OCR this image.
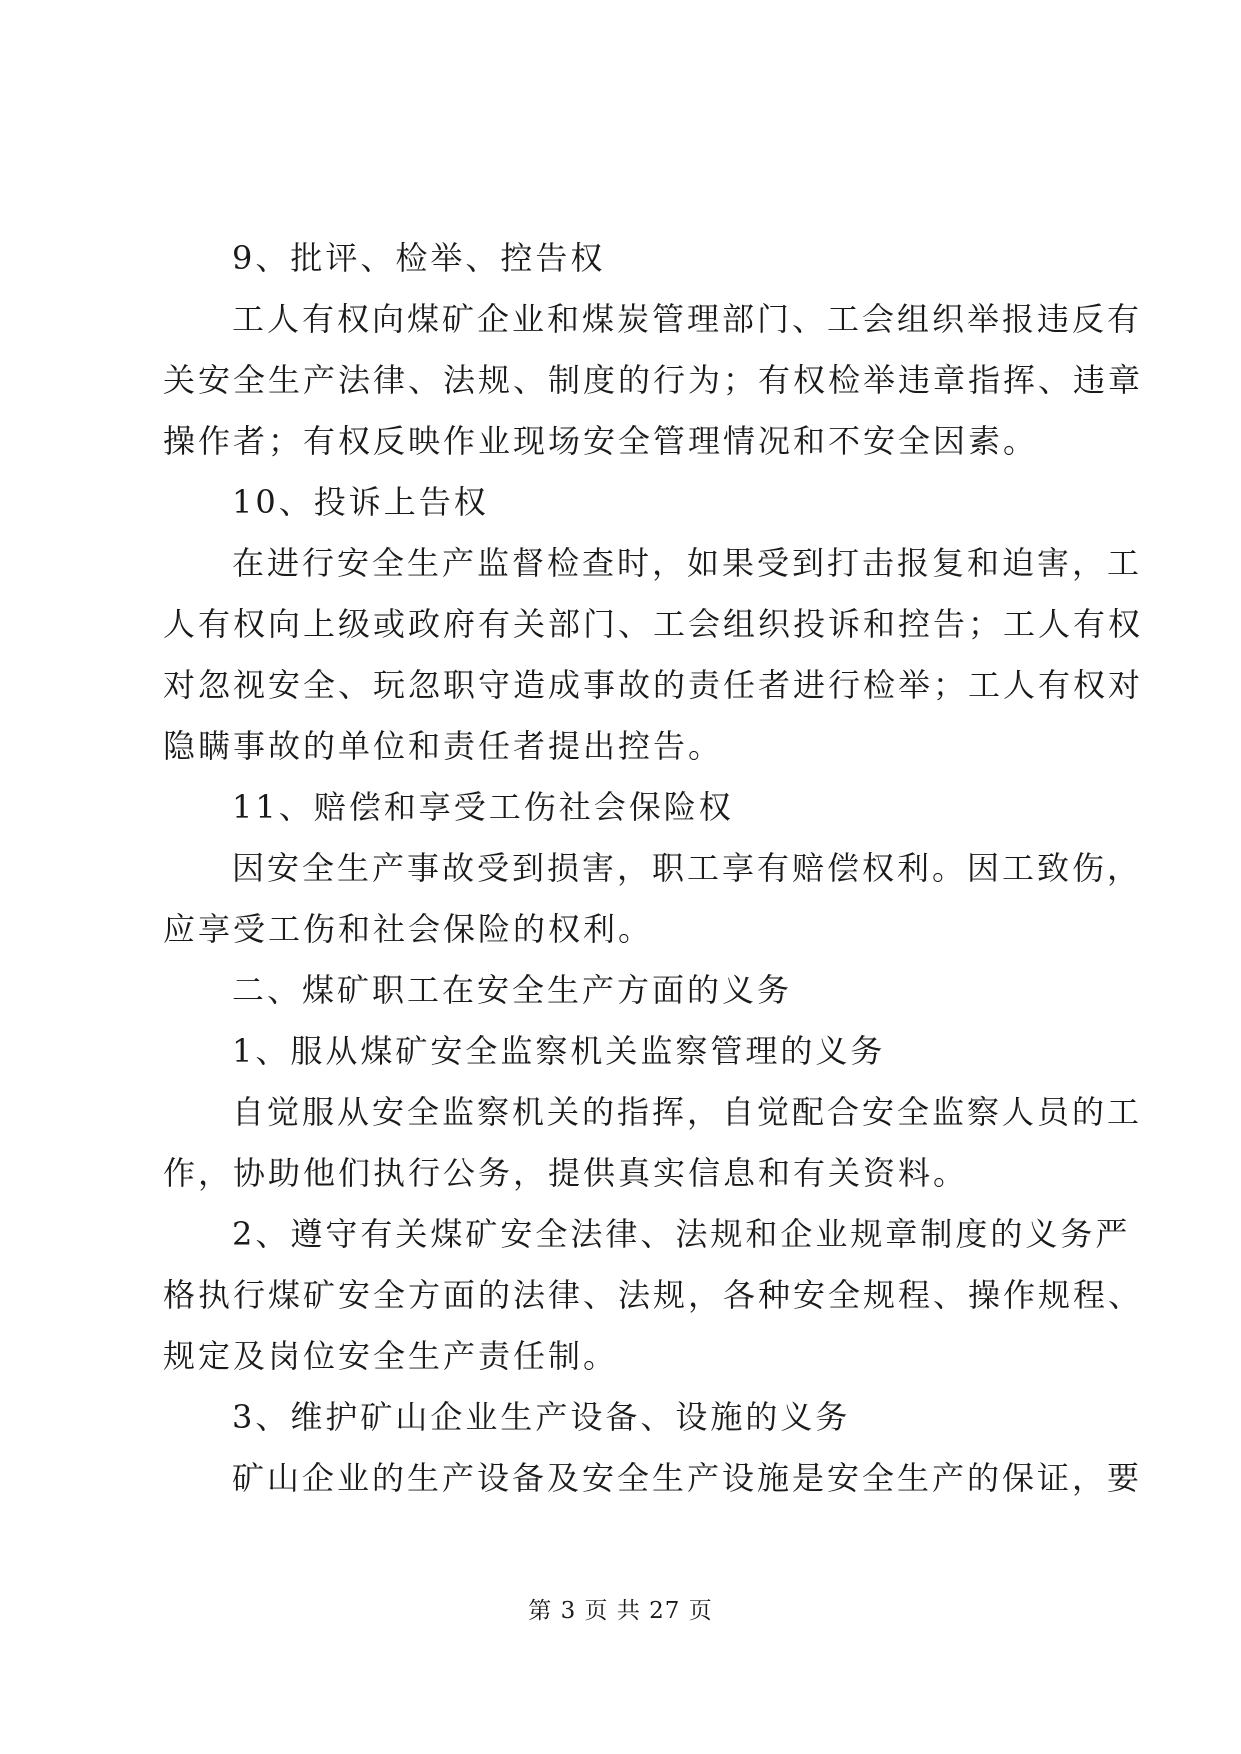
9、批评、检举、控告权

工人有权向煤矿企业和煤炭管理部门、工会组织举报违反有

关安全生产法律、法规、制度的行为；有权检举违章指挥、违章

操作者；有权反映作业现场安全管理情况和不安全因素。

10、投诉上告权

在进行安全生产监督检查时，如果受到打击报复和迫害，工

人有权向上级或政府有关部门、工会组织投诉和控告；工人有权

对忽视安全、玩忽职守造成事故的责任者进行检举；工人有权对

隐瞒事故的单位和责任者提出控告。

11、赔偿和享受工伤社会保险权

因安全生产事故受到损害，职工享有赔偿权利。因工致伤，

应享受工伤和社会保险的权利。

二、煤矿职工在安全生产方面的义务

1、服从煤矿安全监察机关监察管理的义务

自觉服从安全监察机关的指挥，自觉配合安全监察人员的工

作，协助他们执行公务，提供真实信息和有关资料。

2、遵守有关煤矿安全法律、法规和企业规章制度的义务严

格执行煤矿安全方面的法律、法规，各种安全规程、操作规程、

规定及岗位安全生产责任制。

3、维护矿山企业生产设备、设施的义务

矿山企业的生产设备及安全生产设施是安全生产的保证，要

第 3 页 共 27 页
